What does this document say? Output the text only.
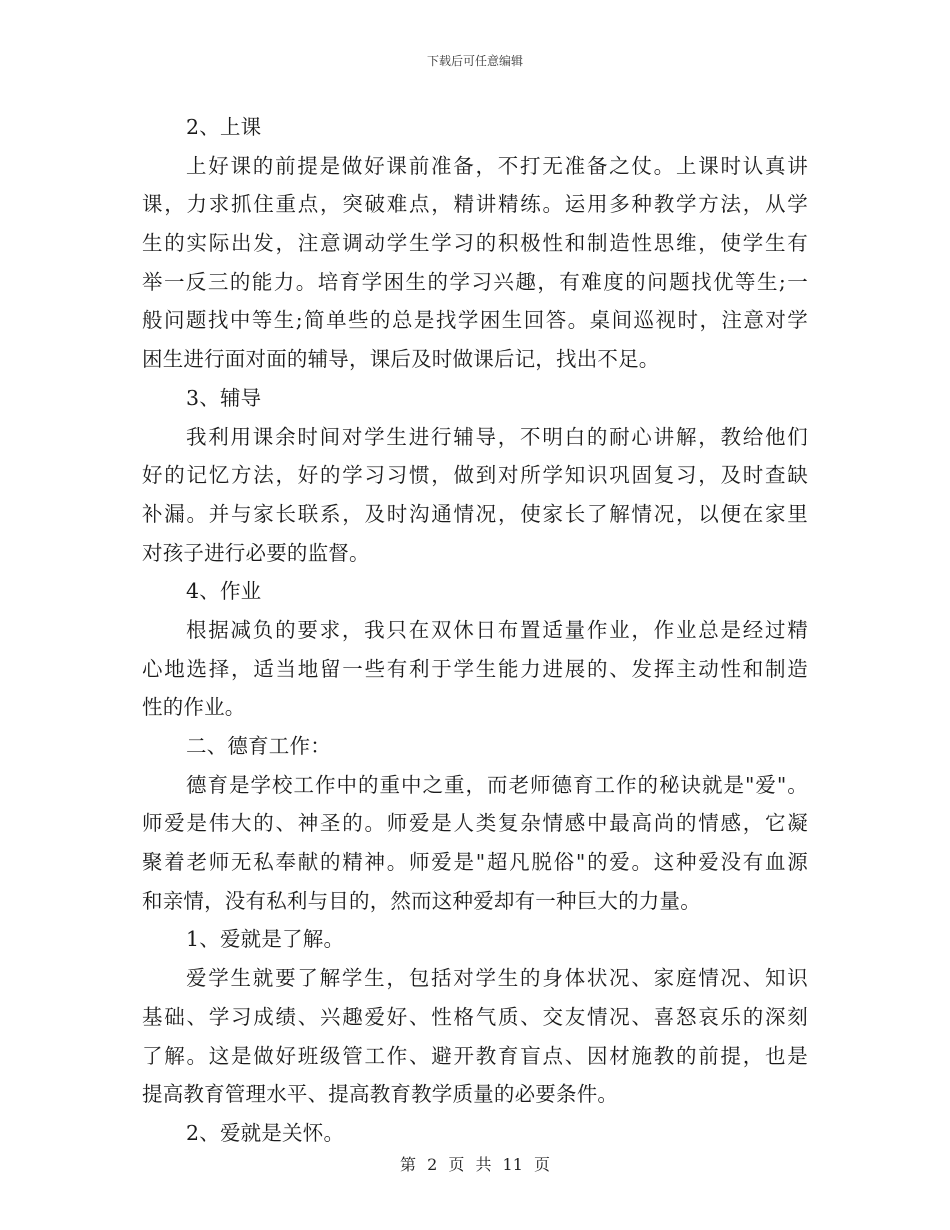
下载后可任意编辑
2、上课
上好课的前提是做好课前准备，不打无准备之仗。上课时认真讲
课，力求抓住重点，突破难点，精讲精练。运用多种教学方法，从学
生的实际出发，注意调动学生学习的积极性和制造性思维，使学生有
举一反三的能力。培育学困生的学习兴趣，有难度的问题找优等生;一
般问题找中等生;简单些的总是找学困生回答。桌间巡视时，注意对学
困生进行面对面的辅导，课后及时做课后记，找出不足。
3、辅导
我利用课余时间对学生进行辅导，不明白的耐心讲解，教给他们
好的记忆方法，好的学习习惯，做到对所学知识巩固复习，及时查缺
补漏。并与家长联系，及时沟通情况，使家长了解情况，以便在家里
对孩子进行必要的监督。
4、作业
根据减负的要求，我只在双休日布置适量作业，作业总是经过精
心地选择，适当地留一些有利于学生能力进展的、发挥主动性和制造
性的作业。
二、德育工作：
德育是学校工作中的重中之重，而老师德育工作的秘诀就是"爱"。
师爱是伟大的、神圣的。师爱是人类复杂情感中最高尚的情感，它凝
聚着老师无私奉献的精神。师爱是"超凡脱俗"的爱。这种爱没有血源
和亲情，没有私利与目的，然而这种爱却有一种巨大的力量。
1、爱就是了解。
爱学生就要了解学生，包括对学生的身体状况、家庭情况、知识
基础、学习成绩、兴趣爱好、性格气质、交友情况、喜怒哀乐的深刻
了解。这是做好班级管工作、避开教育盲点、因材施教的前提，也是
提高教育管理水平、提高教育教学质量的必要条件。
2、爱就是关怀。
第 2 页 共 11 页
